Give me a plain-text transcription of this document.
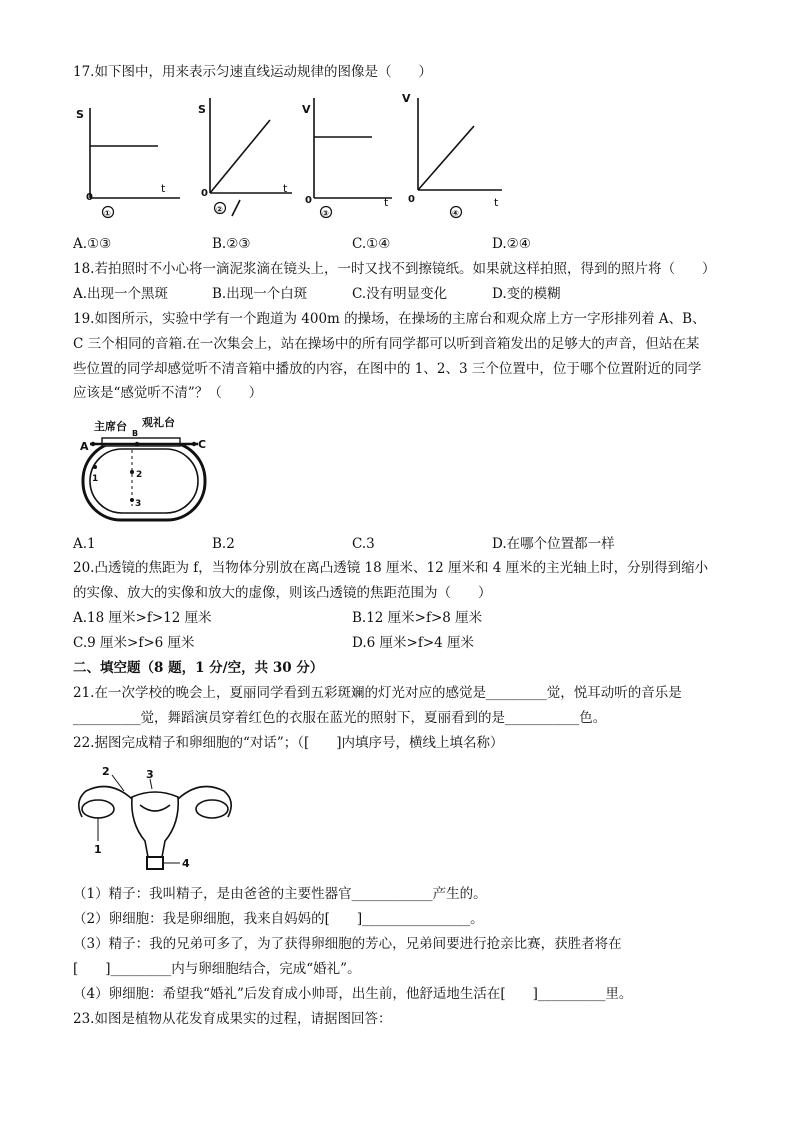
17.如下图中，用来表示匀速直线运动规律的图像是（　　）
S
t
0
①
S
t
0
②
V
t
0
③
V
t
0
④
A.①③	B.②③	C.①④	D.②④
18.若拍照时不小心将一滴泥浆滴在镜头上，一时又找不到擦镜纸。如果就这样拍照，得到的照片将（　　）
A.出现一个黑斑	B.出现一个白斑	C.没有明显变化	D.变的模糊
19.如图所示，实验中学有一个跑道为 400m 的操场，在操场的主席台和观众席上方一字形排列着 A、B、
C 三个相同的音箱.在一次集会上，站在操场中的所有同学都可以听到音箱发出的足够大的声音，但站在某
些位置的同学却感觉听不清音箱中播放的内容，在图中的 1、2、3 三个位置中，位于哪个位置附近的同学
应该是“感觉听不清”？（　　）
主席台 观礼台
A
B
C
1	2
3
A.1	B.2	C.3	D.在哪个位置都一样
20.凸透镜的焦距为 f，当物体分别放在离凸透镜 18 厘米、12 厘米和 4 厘米的主光轴上时，分别得到缩小
的实像、放大的实像和放大的虚像，则该凸透镜的焦距范围为（　　）
A.18 厘米>f>12 厘米	B.12 厘米>f>8 厘米
C.9 厘米>f>6 厘米	D.6 厘米>f>4 厘米
二、填空题（8 题，1 分/空，共 30 分）
21.在一次学校的晚会上，夏丽同学看到五彩斑斓的灯光对应的感觉是_________觉，悦耳动听的音乐是
__________觉，舞蹈演员穿着红色的衣服在蓝光的照射下，夏丽看到的是___________色。
22.据图完成精子和卵细胞的“对话”；（[　　]内填序号，横线上填名称）
2	3
1
4
（1）精子：我叫精子，是由爸爸的主要性器官____________产生的。
（2）卵细胞：我是卵细胞，我来自妈妈的[　　]________________。
（3）精子：我的兄弟可多了，为了获得卵细胞的芳心，兄弟间要进行抢亲比赛，获胜者将在
[　　]_________内与卵细胞结合，完成“婚礼”。
（4）卵细胞：希望我“婚礼”后发育成小帅哥，出生前，他舒适地生活在[　　]__________里。
23.如图是植物从花发育成果实的过程，请据图回答：
